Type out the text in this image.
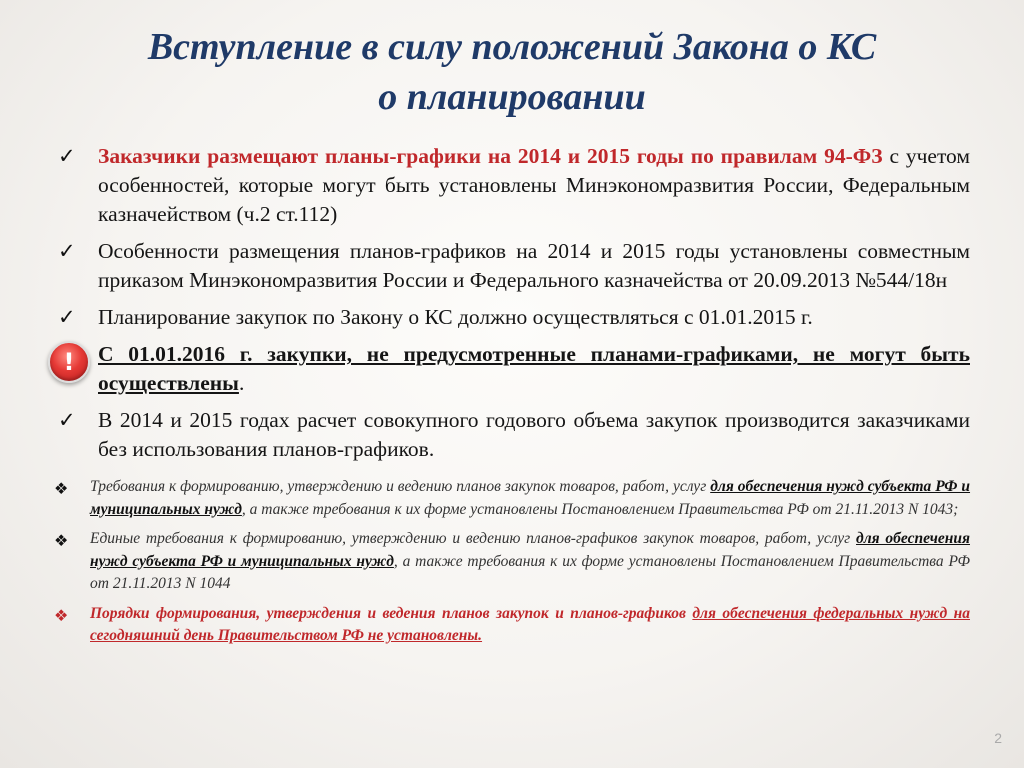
Вступление в силу положений Закона о КС
о планировании
✓ Заказчики размещают планы-графики на 2014 и 2015 годы по правилам 94-ФЗ с учетом особенностей, которые могут быть установлены Минэкономразвития России, Федеральным казначейством (ч.2 ст.112)
✓ Особенности размещения планов-графиков на 2014 и 2015 годы установлены совместным приказом Минэкономразвития России и Федерального казначейства от 20.09.2013 №544/18н
✓ Планирование закупок по Закону о КС должно осуществляться с 01.01.2015 г.
!	С 01.01.2016 г. закупки, не предусмотренные планами-графиками, не могут быть осуществлены.
✓ В 2014 и 2015 годах расчет совокупного годового объема закупок производится заказчиками без использования планов-графиков.
❖ Требования к формированию, утверждению и ведению планов закупок товаров, работ, услуг для обеспечения нужд субъекта РФ и муниципальных нужд, а также требования к их форме установлены Постановлением Правительства РФ от 21.11.2013 N 1043;
❖ Единые требования к формированию, утверждению и ведению планов-графиков закупок товаров, работ, услуг для обеспечения нужд субъекта РФ и муниципальных нужд, а также требования к их форме установлены Постановлением Правительства РФ от 21.11.2013 N 1044
❖ Порядки формирования, утверждения и ведения планов закупок и планов-графиков для обеспечения федеральных нужд на сегодняшний день Правительством РФ не установлены.
2
